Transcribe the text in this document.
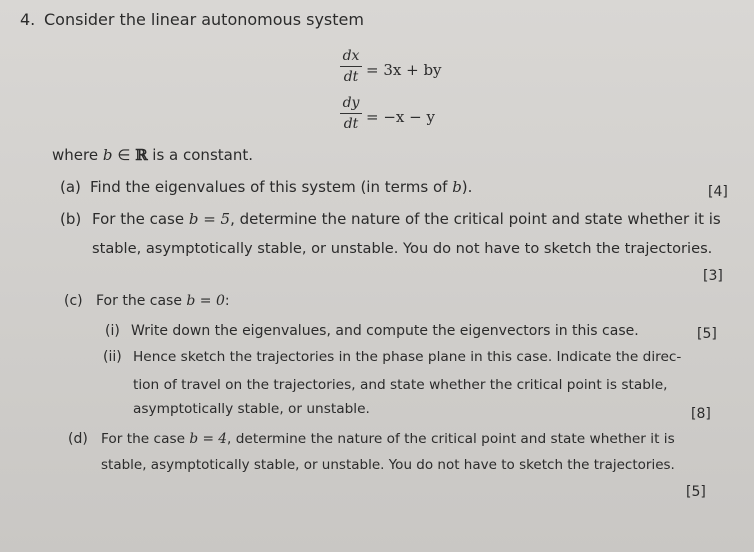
4. Consider the linear autonomous system
dx
dt = 3x + by
dy
dt = −x − y
where b ∈ ℝ is a constant.
(a) Find the eigenvalues of this system (in terms of b).	[4]
(b) For the case b = 5, determine the nature of the critical point and state whether it is
stable, asymptotically stable, or unstable. You do not have to sketch the trajectories.
[3]
(c) For the case b = 0:
(i) Write down the eigenvalues, and compute the eigenvectors in this case.	[5]
(ii) Hence sketch the trajectories in the phase plane in this case. Indicate the direc-
tion of travel on the trajectories, and state whether the critical point is stable,
asymptotically stable, or unstable.	[8]
(d) For the case b = 4, determine the nature of the critical point and state whether it is
stable, asymptotically stable, or unstable. You do not have to sketch the trajectories.
[5]
